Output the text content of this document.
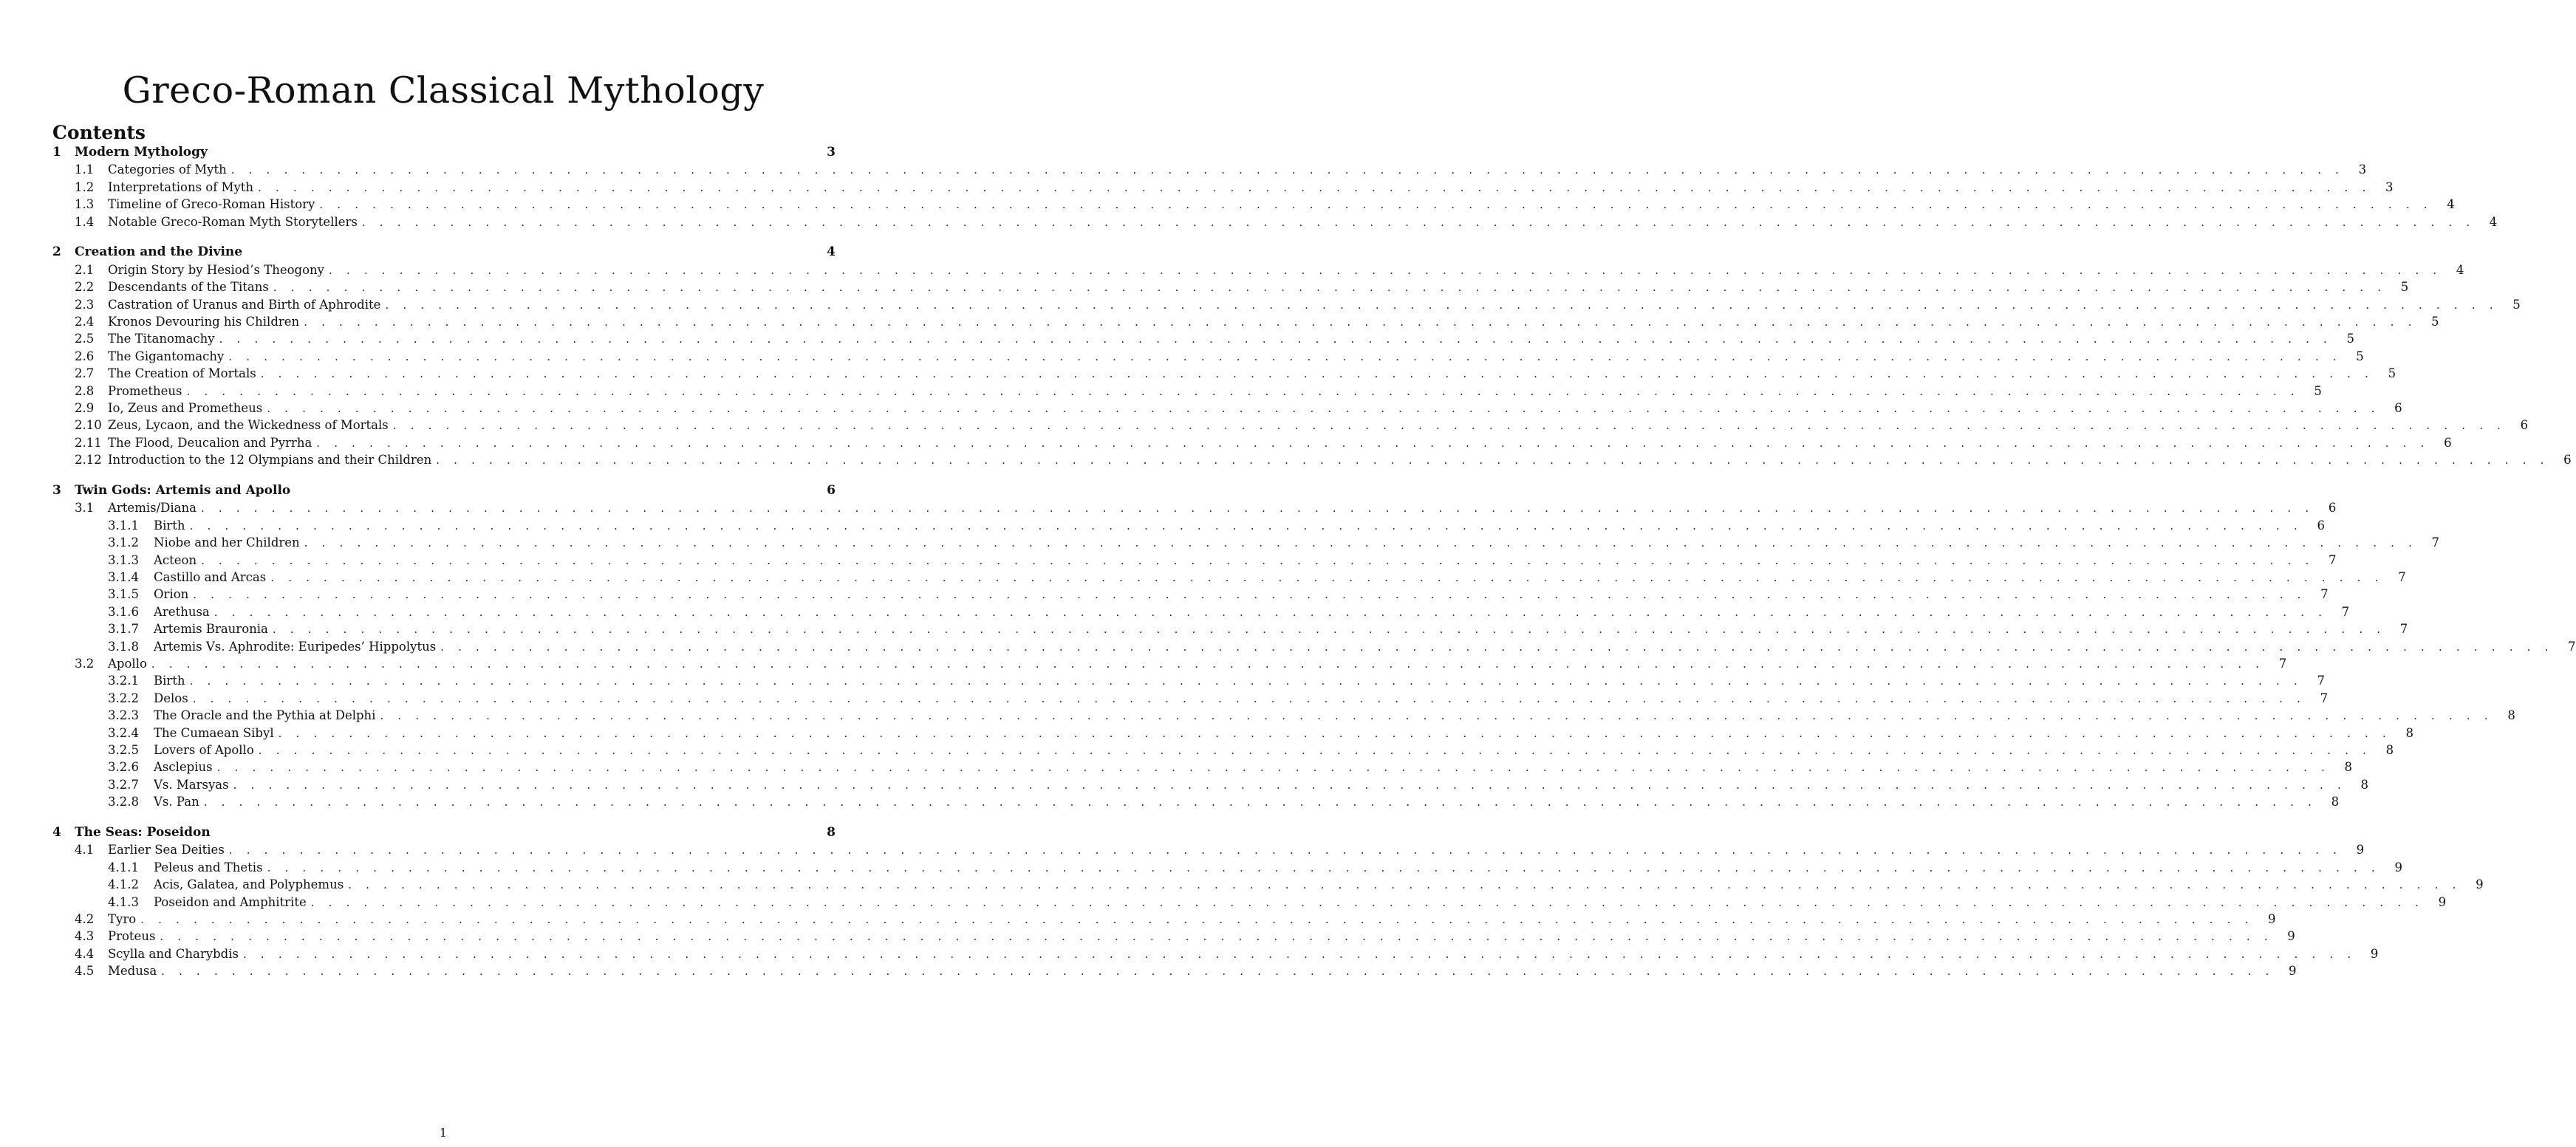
Greco-Roman Classical Mythology
Contents
1	Modern Mythology	3
1.1	Categories of Myth . . . . . . . . . . . . . . . . . . . . . . . . . . . . . . . . . . . . . . . . . . . . . . . . . . . . . . . . . . . . . . . . . . . . . . . . . . . . . . . . . . . . . . . . . . . . . . . . . . . . . . . . . . . . . . . . . . . . . . . .	3
1.2	Interpretations of Myth . . . . . . . . . . . . . . . . . . . . . . . . . . . . . . . . . . . . . . . . . . . . . . . . . . . . . . . . . . . . . . . . . . . . . . . . . . . . . . . . . . . . . . . . . . . . . . . . . . . . . . . . . . . . . . . . . . . . . . . .	3
1.3	Timeline of Greco-Roman History . . . . . . . . . . . . . . . . . . . . . . . . . . . . . . . . . . . . . . . . . . . . . . . . . . . . . . . . . . . . . . . . . . . . . . . . . . . . . . . . . . . . . . . . . . . . . . . . . . . . . . . . . . . . . . . . . . . . . . . .	4
1.4	Notable Greco-Roman Myth Storytellers . . . . . . . . . . . . . . . . . . . . . . . . . . . . . . . . . . . . . . . . . . . . . . . . . . . . . . . . . . . . . . . . . . . . . . . . . . . . . . . . . . . . . . . . . . . . . . . . . . . . . . . . . . . . . . . . . . . . . . . .	4
2	Creation and the Divine	4
2.1	Origin Story by Hesiod’s Theogony . . . . . . . . . . . . . . . . . . . . . . . . . . . . . . . . . . . . . . . . . . . . . . . . . . . . . . . . . . . . . . . . . . . . . . . . . . . . . . . . . . . . . . . . . . . . . . . . . . . . . . . . . . . . . . . . . . . . . . . .	4
2.2	Descendants of the Titans . . . . . . . . . . . . . . . . . . . . . . . . . . . . . . . . . . . . . . . . . . . . . . . . . . . . . . . . . . . . . . . . . . . . . . . . . . . . . . . . . . . . . . . . . . . . . . . . . . . . . . . . . . . . . . . . . . . . . . . .	5
2.3	Castration of Uranus and Birth of Aphrodite . . . . . . . . . . . . . . . . . . . . . . . . . . . . . . . . . . . . . . . . . . . . . . . . . . . . . . . . . . . . . . . . . . . . . . . . . . . . . . . . . . . . . . . . . . . . . . . . . . . . . . . . . . . . . . . . . . . . . . . .	5
2.4	Kronos Devouring his Children . . . . . . . . . . . . . . . . . . . . . . . . . . . . . . . . . . . . . . . . . . . . . . . . . . . . . . . . . . . . . . . . . . . . . . . . . . . . . . . . . . . . . . . . . . . . . . . . . . . . . . . . . . . . . . . . . . . . . . . .	5
2.5	The Titanomachy . . . . . . . . . . . . . . . . . . . . . . . . . . . . . . . . . . . . . . . . . . . . . . . . . . . . . . . . . . . . . . . . . . . . . . . . . . . . . . . . . . . . . . . . . . . . . . . . . . . . . . . . . . . . . . . . . . . . . . . .	5
2.6	The Gigantomachy . . . . . . . . . . . . . . . . . . . . . . . . . . . . . . . . . . . . . . . . . . . . . . . . . . . . . . . . . . . . . . . . . . . . . . . . . . . . . . . . . . . . . . . . . . . . . . . . . . . . . . . . . . . . . . . . . . . . . . . .	5
2.7	The Creation of Mortals . . . . . . . . . . . . . . . . . . . . . . . . . . . . . . . . . . . . . . . . . . . . . . . . . . . . . . . . . . . . . . . . . . . . . . . . . . . . . . . . . . . . . . . . . . . . . . . . . . . . . . . . . . . . . . . . . . . . . . . .	5
2.8	Prometheus . . . . . . . . . . . . . . . . . . . . . . . . . . . . . . . . . . . . . . . . . . . . . . . . . . . . . . . . . . . . . . . . . . . . . . . . . . . . . . . . . . . . . . . . . . . . . . . . . . . . . . . . . . . . . . . . . . . . . . . .	5
2.9	Io, Zeus and Prometheus . . . . . . . . . . . . . . . . . . . . . . . . . . . . . . . . . . . . . . . . . . . . . . . . . . . . . . . . . . . . . . . . . . . . . . . . . . . . . . . . . . . . . . . . . . . . . . . . . . . . . . . . . . . . . . . . . . . . . . . .	6
2.10 Zeus, Lycaon, and the Wickedness of Mortals . . . . . . . . . . . . . . . . . . . . . . . . . . . . . . . . . . . . . . . . . . . . . . . . . . . . . . . . . . . . . . . . . . . . . . . . . . . . . . . . . . . . . . . . . . . . . . . . . . . . . . . . . . . . . . . . . . . . . . . .	6
2.11 The Flood, Deucalion and Pyrrha . . . . . . . . . . . . . . . . . . . . . . . . . . . . . . . . . . . . . . . . . . . . . . . . . . . . . . . . . . . . . . . . . . . . . . . . . . . . . . . . . . . . . . . . . . . . . . . . . . . . . . . . . . . . . . . . . . . . . . . .	6
2.12 Introduction to the 12 Olympians and their Children . . . . . . . . . . . . . . . . . . . . . . . . . . . . . . . . . . . . . . . . . . . . . . . . . . . . . . . . . . . . . . . . . . . . . . . . . . . . . . . . . . . . . . . . . . . . . . . . . . . . . . . . . . . . . . . . . . . . . . . .	6
3	Twin Gods: Artemis and Apollo	6
3.1	Artemis/Diana . . . . . . . . . . . . . . . . . . . . . . . . . . . . . . . . . . . . . . . . . . . . . . . . . . . . . . . . . . . . . . . . . . . . . . . . . . . . . . . . . . . . . . . . . . . . . . . . . . . . . . . . . . . . . . . . . . . . . . . .	6
3.1.1	Birth . . . . . . . . . . . . . . . . . . . . . . . . . . . . . . . . . . . . . . . . . . . . . . . . . . . . . . . . . . . . . . . . . . . . . . . . . . . . . . . . . . . . . . . . . . . . . . . . . . . . . . . . . . . . . . . . . . . . . . . .	6
3.1.2	Niobe and her Children . . . . . . . . . . . . . . . . . . . . . . . . . . . . . . . . . . . . . . . . . . . . . . . . . . . . . . . . . . . . . . . . . . . . . . . . . . . . . . . . . . . . . . . . . . . . . . . . . . . . . . . . . . . . . . . . . . . . . . . .	7
3.1.3	Acteon . . . . . . . . . . . . . . . . . . . . . . . . . . . . . . . . . . . . . . . . . . . . . . . . . . . . . . . . . . . . . . . . . . . . . . . . . . . . . . . . . . . . . . . . . . . . . . . . . . . . . . . . . . . . . . . . . . . . . . . .	7
3.1.4	Castillo and Arcas . . . . . . . . . . . . . . . . . . . . . . . . . . . . . . . . . . . . . . . . . . . . . . . . . . . . . . . . . . . . . . . . . . . . . . . . . . . . . . . . . . . . . . . . . . . . . . . . . . . . . . . . . . . . . . . . . . . . . . . .	7
3.1.5	Orion . . . . . . . . . . . . . . . . . . . . . . . . . . . . . . . . . . . . . . . . . . . . . . . . . . . . . . . . . . . . . . . . . . . . . . . . . . . . . . . . . . . . . . . . . . . . . . . . . . . . . . . . . . . . . . . . . . . . . . . .	7
3.1.6	Arethusa . . . . . . . . . . . . . . . . . . . . . . . . . . . . . . . . . . . . . . . . . . . . . . . . . . . . . . . . . . . . . . . . . . . . . . . . . . . . . . . . . . . . . . . . . . . . . . . . . . . . . . . . . . . . . . . . . . . . . . . .	7
3.1.7	Artemis Brauronia . . . . . . . . . . . . . . . . . . . . . . . . . . . . . . . . . . . . . . . . . . . . . . . . . . . . . . . . . . . . . . . . . . . . . . . . . . . . . . . . . . . . . . . . . . . . . . . . . . . . . . . . . . . . . . . . . . . . . . . .	7
3.1.8	Artemis Vs. Aphrodite: Euripedes’ Hippolytus . . . . . . . . . . . . . . . . . . . . . . . . . . . . . . . . . . . . . . . . . . . . . . . . . . . . . . . . . . . . . . . . . . . . . . . . . . . . . . . . . . . . . . . . . . . . . . . . . . . . . . . . . . . . . . . . . . . . . . . .	7
3.2	Apollo . . . . . . . . . . . . . . . . . . . . . . . . . . . . . . . . . . . . . . . . . . . . . . . . . . . . . . . . . . . . . . . . . . . . . . . . . . . . . . . . . . . . . . . . . . . . . . . . . . . . . . . . . . . . . . . . . . . . . . . .	7
3.2.1	Birth . . . . . . . . . . . . . . . . . . . . . . . . . . . . . . . . . . . . . . . . . . . . . . . . . . . . . . . . . . . . . . . . . . . . . . . . . . . . . . . . . . . . . . . . . . . . . . . . . . . . . . . . . . . . . . . . . . . . . . . .	7
3.2.2	Delos . . . . . . . . . . . . . . . . . . . . . . . . . . . . . . . . . . . . . . . . . . . . . . . . . . . . . . . . . . . . . . . . . . . . . . . . . . . . . . . . . . . . . . . . . . . . . . . . . . . . . . . . . . . . . . . . . . . . . . . .	7
3.2.3	The Oracle and the Pythia at Delphi . . . . . . . . . . . . . . . . . . . . . . . . . . . . . . . . . . . . . . . . . . . . . . . . . . . . . . . . . . . . . . . . . . . . . . . . . . . . . . . . . . . . . . . . . . . . . . . . . . . . . . . . . . . . . . . . . . . . . . . .	8
3.2.4	The Cumaean Sibyl . . . . . . . . . . . . . . . . . . . . . . . . . . . . . . . . . . . . . . . . . . . . . . . . . . . . . . . . . . . . . . . . . . . . . . . . . . . . . . . . . . . . . . . . . . . . . . . . . . . . . . . . . . . . . . . . . . . . . . . .	8
3.2.5	Lovers of Apollo . . . . . . . . . . . . . . . . . . . . . . . . . . . . . . . . . . . . . . . . . . . . . . . . . . . . . . . . . . . . . . . . . . . . . . . . . . . . . . . . . . . . . . . . . . . . . . . . . . . . . . . . . . . . . . . . . . . . . . . .	8
3.2.6	Asclepius . . . . . . . . . . . . . . . . . . . . . . . . . . . . . . . . . . . . . . . . . . . . . . . . . . . . . . . . . . . . . . . . . . . . . . . . . . . . . . . . . . . . . . . . . . . . . . . . . . . . . . . . . . . . . . . . . . . . . . . .	8
3.2.7	Vs. Marsyas . . . . . . . . . . . . . . . . . . . . . . . . . . . . . . . . . . . . . . . . . . . . . . . . . . . . . . . . . . . . . . . . . . . . . . . . . . . . . . . . . . . . . . . . . . . . . . . . . . . . . . . . . . . . . . . . . . . . . . . .	8
3.2.8	Vs. Pan . . . . . . . . . . . . . . . . . . . . . . . . . . . . . . . . . . . . . . . . . . . . . . . . . . . . . . . . . . . . . . . . . . . . . . . . . . . . . . . . . . . . . . . . . . . . . . . . . . . . . . . . . . . . . . . . . . . . . . . .	8
4	The Seas: Poseidon	8
4.1	Earlier Sea Deities . . . . . . . . . . . . . . . . . . . . . . . . . . . . . . . . . . . . . . . . . . . . . . . . . . . . . . . . . . . . . . . . . . . . . . . . . . . . . . . . . . . . . . . . . . . . . . . . . . . . . . . . . . . . . . . . . . . . . . . .	9
4.1.1	Peleus and Thetis . . . . . . . . . . . . . . . . . . . . . . . . . . . . . . . . . . . . . . . . . . . . . . . . . . . . . . . . . . . . . . . . . . . . . . . . . . . . . . . . . . . . . . . . . . . . . . . . . . . . . . . . . . . . . . . . . . . . . . . .	9
4.1.2	Acis, Galatea, and Polyphemus . . . . . . . . . . . . . . . . . . . . . . . . . . . . . . . . . . . . . . . . . . . . . . . . . . . . . . . . . . . . . . . . . . . . . . . . . . . . . . . . . . . . . . . . . . . . . . . . . . . . . . . . . . . . . . . . . . . . . . . .	9
4.1.3	Poseidon and Amphitrite . . . . . . . . . . . . . . . . . . . . . . . . . . . . . . . . . . . . . . . . . . . . . . . . . . . . . . . . . . . . . . . . . . . . . . . . . . . . . . . . . . . . . . . . . . . . . . . . . . . . . . . . . . . . . . . . . . . . . . . .	9
4.2	Tyro . . . . . . . . . . . . . . . . . . . . . . . . . . . . . . . . . . . . . . . . . . . . . . . . . . . . . . . . . . . . . . . . . . . . . . . . . . . . . . . . . . . . . . . . . . . . . . . . . . . . . . . . . . . . . . . . . . . . . . . .	9
4.3	Proteus . . . . . . . . . . . . . . . . . . . . . . . . . . . . . . . . . . . . . . . . . . . . . . . . . . . . . . . . . . . . . . . . . . . . . . . . . . . . . . . . . . . . . . . . . . . . . . . . . . . . . . . . . . . . . . . . . . . . . . . .	9
4.4	Scylla and Charybdis . . . . . . . . . . . . . . . . . . . . . . . . . . . . . . . . . . . . . . . . . . . . . . . . . . . . . . . . . . . . . . . . . . . . . . . . . . . . . . . . . . . . . . . . . . . . . . . . . . . . . . . . . . . . . . . . . . . . . . . .	9
4.5	Medusa . . . . . . . . . . . . . . . . . . . . . . . . . . . . . . . . . . . . . . . . . . . . . . . . . . . . . . . . . . . . . . . . . . . . . . . . . . . . . . . . . . . . . . . . . . . . . . . . . . . . . . . . . . . . . . . . . . . . . . . .	9
1
